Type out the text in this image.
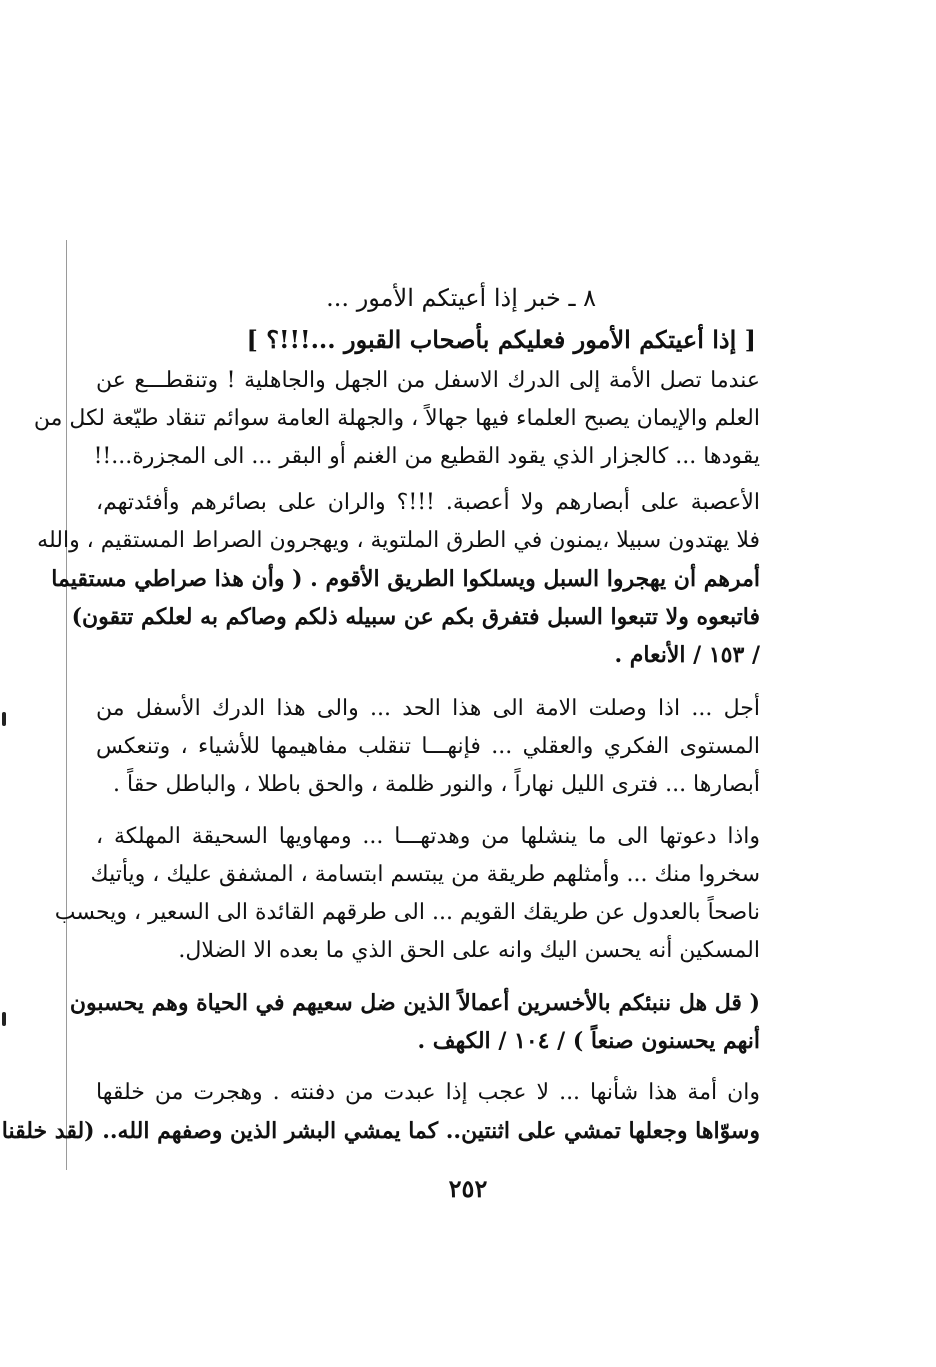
٨ ـ خبر إذا أعيتكم الأمور ...
[ إذا أعيتكم الأمور فعليكم بأصحاب القبور ...!!!؟ ]
عندما تصل الأمة إلى الدرك الاسفل من الجهل والجاهلية ! وتنقطـــع عن
العلم والإيمان يصبح العلماء فيها جهالاً ، والجهلة العامة سوائم تنقاد طيّعة لكل من
يقودها ... كالجزار الذي يقود القطيع من الغنم أو البقر ... الى المجزرة...!!
الأعصبة على أبصارهم ولا أعصبة. !!!؟ والران على بصائرهم وأفئدتهم،
فلا يهتدون سبيلا ،يمنون في الطرق الملتوية ، ويهجرون الصراط المستقيم ، والله
أمرهم أن يهجروا السبل ويسلكوا الطريق الأقوم . ( وأن هذا صراطي مستقيما
فاتبعوه ولا تتبعوا السبل فتفرق بكم عن سبيله ذلكم وصاكم به لعلكم تتقون)
/ ١٥٣ / الأنعام .
أجل ... اذا وصلت الامة الى هذا الحد ... والى هذا الدرك الأسفل من
المستوى الفكري والعقلي ... فإنهـــا تنقلب مفاهيمها للأشياء ، وتنعكس
أبصارها ... فترى الليل نهاراً ، والنور ظلمة ، والحق باطلا ، والباطل حقاً .
واذا دعوتها الى ما ينشلها من وهدتهـــا ... ومهاويها السحيقة المهلكة ،
سخروا منك ... وأمثلهم طريقة من يبتسم ابتسامة ، المشفق عليك ، ويأتيك
ناصحاً بالعدول عن طريقك القويم ... الى طرقهم القائدة الى السعير ، ويحسب
المسكين أنه يحسن اليك وانه على الحق الذي ما بعده الا الضلال.
( قل هل ننبئكم بالأخسرين أعمالاً الذين ضل سعيهم في الحياة وهم يحسبون
أنهم يحسنون صنعاً ) / ١٠٤ / الكهف .
وان أمة هذا شأنها ... لا عجب إذا عبدت من دفنته . وهجرت من خلقها
وسوّاها وجعلها تمشي على اثنتين.. كما يمشي البشر الذين وصفهم الله.. (لقد خلقنا
٢٥٢
